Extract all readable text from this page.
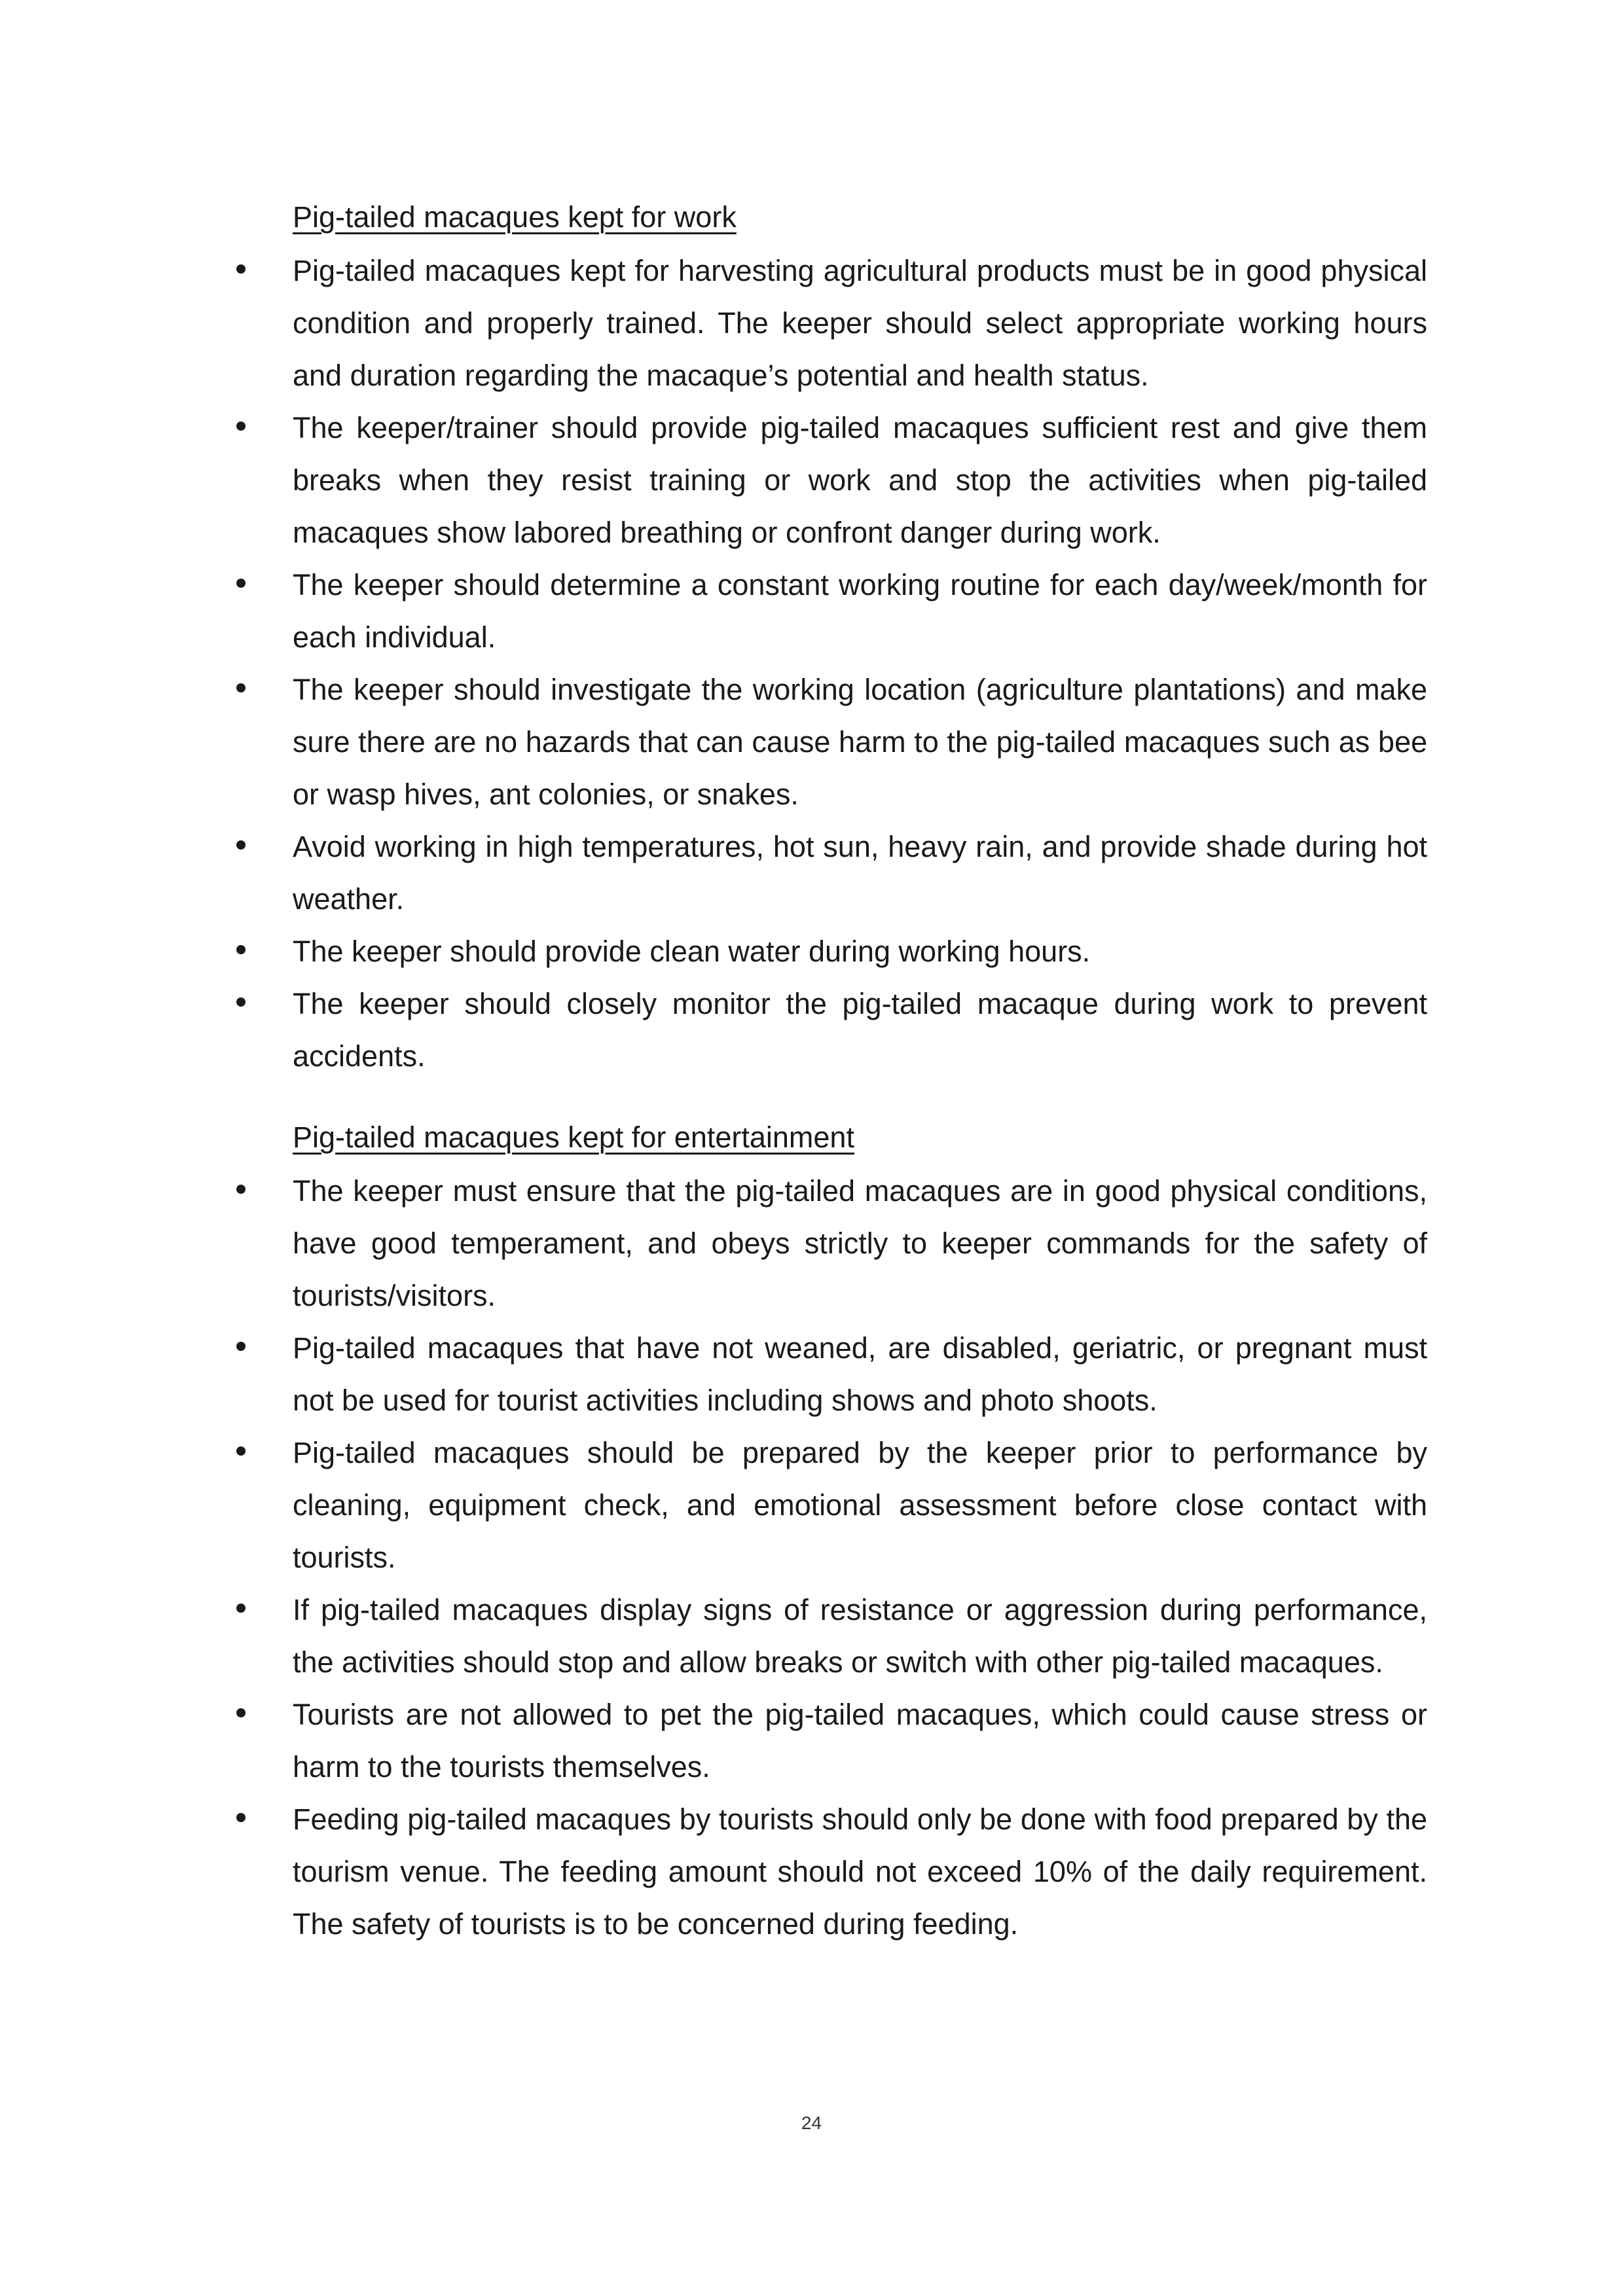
Pig-tailed macaques kept for work
Pig-tailed macaques kept for harvesting agricultural products must be in good physical condition and properly trained. The keeper should select appropriate working hours and duration regarding the macaque’s potential and health status.
The keeper/trainer should provide pig-tailed macaques sufficient rest and give them breaks when they resist training or work and stop the activities when pig-tailed macaques show labored breathing or confront danger during work.
The keeper should determine a constant working routine for each day/week/month for each individual.
The keeper should investigate the working location (agriculture plantations) and make sure there are no hazards that can cause harm to the pig-tailed macaques such as bee or wasp hives, ant colonies, or snakes.
Avoid working in high temperatures, hot sun, heavy rain, and provide shade during hot weather.
The keeper should provide clean water during working hours.
The keeper should closely monitor the pig-tailed macaque during work to prevent accidents.
Pig-tailed macaques kept for entertainment
The keeper must ensure that the pig-tailed macaques are in good physical conditions, have good temperament, and obeys strictly to keeper commands for the safety of tourists/visitors.
Pig-tailed macaques that have not weaned, are disabled, geriatric, or pregnant must not be used for tourist activities including shows and photo shoots.
Pig-tailed macaques should be prepared by the keeper prior to performance by cleaning, equipment check, and emotional assessment before close contact with tourists.
If pig-tailed macaques display signs of resistance or aggression during performance, the activities should stop and allow breaks or switch with other pig-tailed macaques.
Tourists are not allowed to pet the pig-tailed macaques, which could cause stress or harm to the tourists themselves.
Feeding pig-tailed macaques by tourists should only be done with food prepared by the tourism venue. The feeding amount should not exceed 10% of the daily requirement. The safety of tourists is to be concerned during feeding.
24
